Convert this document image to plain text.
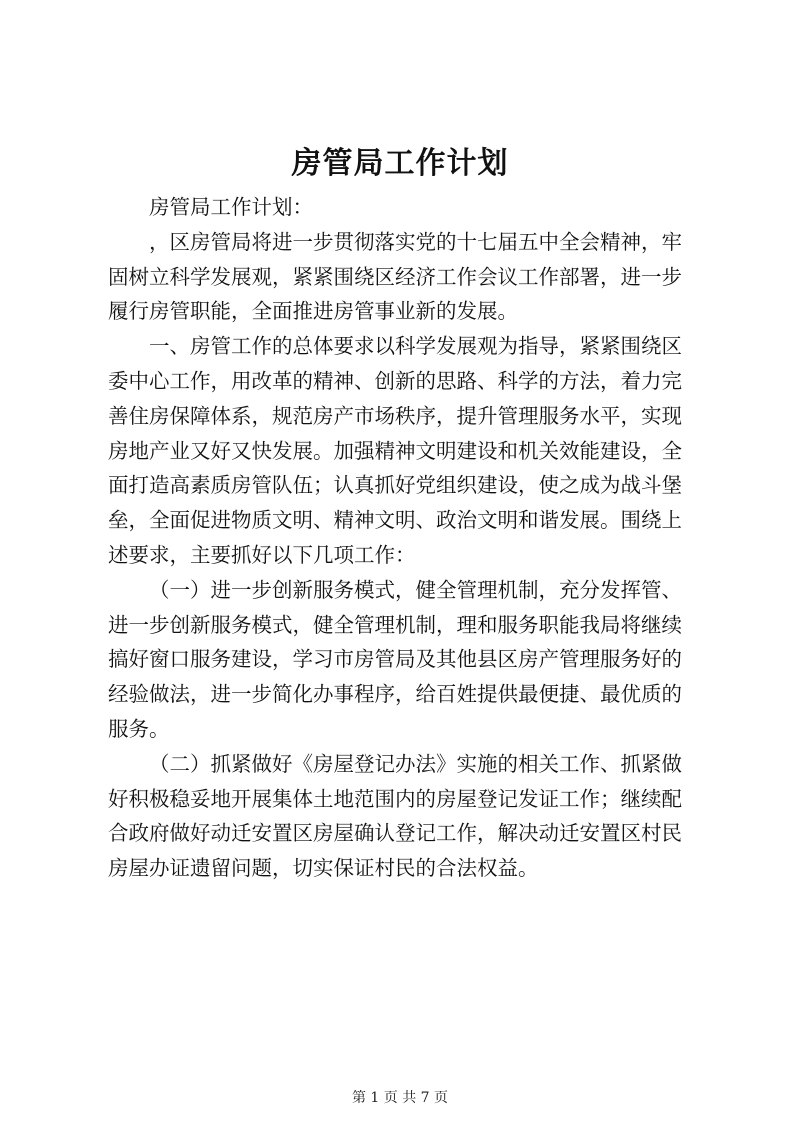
房管局工作计划
房管局工作计划：
，区房管局将进一步贯彻落实党的十七届五中全会精神，牢
固树立科学发展观，紧紧围绕区经济工作会议工作部署，进一步
履行房管职能，全面推进房管事业新的发展。
一、房管工作的总体要求以科学发展观为指导，紧紧围绕区
委中心工作，用改革的精神、创新的思路、科学的方法，着力完
善住房保障体系，规范房产市场秩序，提升管理服务水平，实现
房地产业又好又快发展。加强精神文明建设和机关效能建设，全
面打造高素质房管队伍；认真抓好党组织建设，使之成为战斗堡
垒，全面促进物质文明、精神文明、政治文明和谐发展。围绕上
述要求，主要抓好以下几项工作：
（一）进一步创新服务模式，健全管理机制，充分发挥管、
进一步创新服务模式，健全管理机制，理和服务职能我局将继续
搞好窗口服务建设，学习市房管局及其他县区房产管理服务好的
经验做法，进一步简化办事程序，给百姓提供最便捷、最优质的
服务。
（二）抓紧做好《房屋登记办法》实施的相关工作、抓紧做
好积极稳妥地开展集体土地范围内的房屋登记发证工作；继续配
合政府做好动迁安置区房屋确认登记工作，解决动迁安置区村民
房屋办证遗留问题，切实保证村民的合法权益。
第 1 页 共 7 页
